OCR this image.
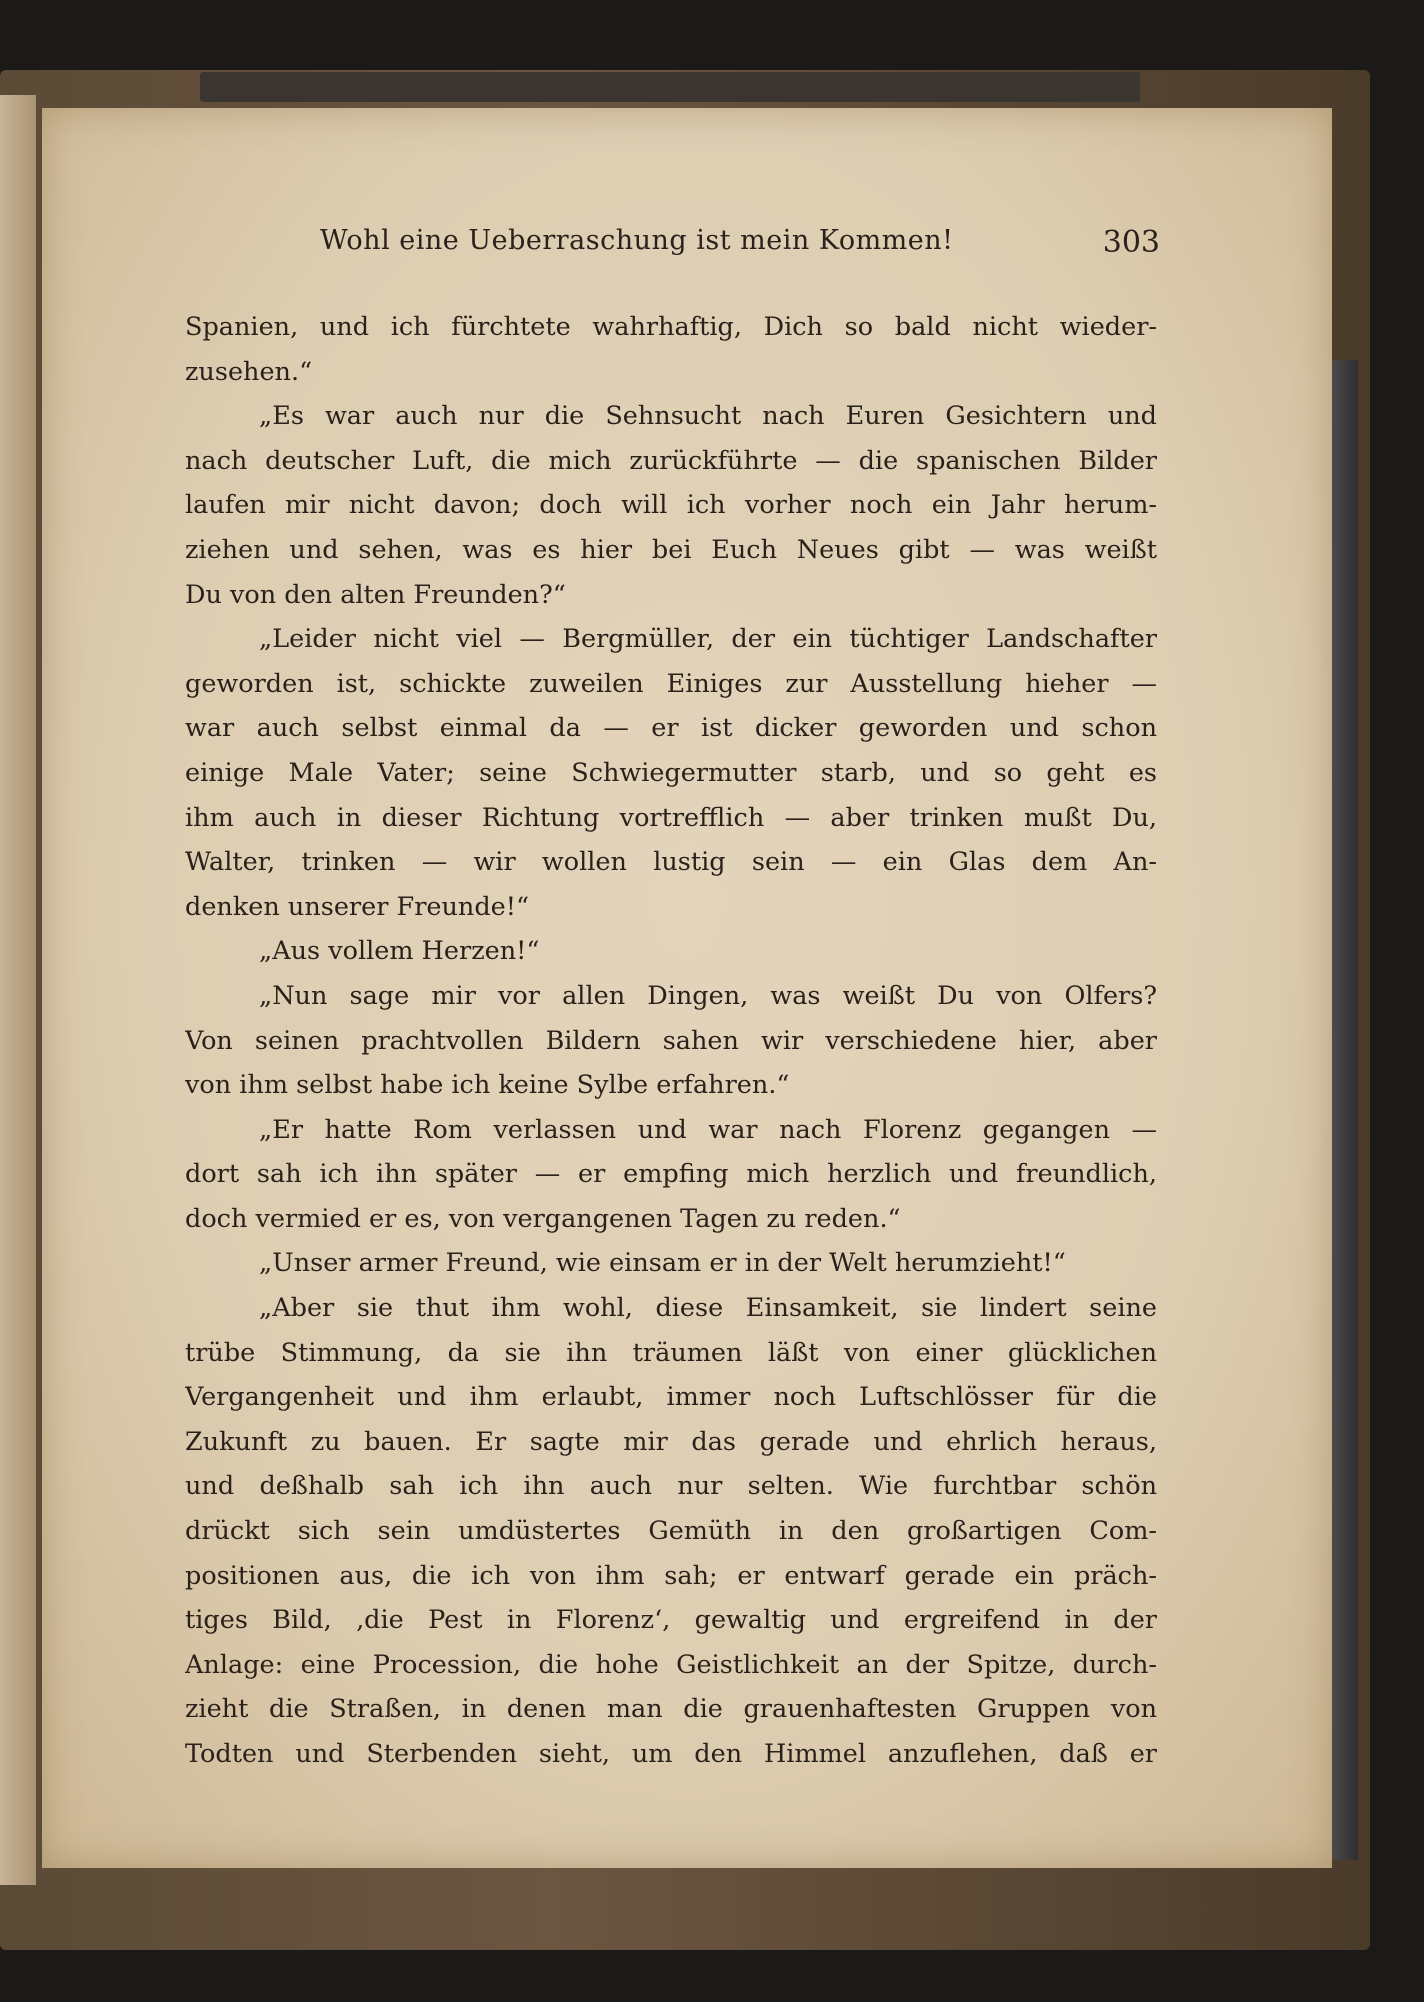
Wohl eine Ueberraschung ist mein Kommen!	303
Spanien, und ich fürchtete wahrhaftig, Dich so bald nicht wieder-
zusehen.“
„Es war auch nur die Sehnsucht nach Euren Gesichtern und
nach deutscher Luft, die mich zurückführte — die spanischen Bilder
laufen mir nicht davon; doch will ich vorher noch ein Jahr herum-
ziehen und sehen, was es hier bei Euch Neues gibt — was weißt
Du von den alten Freunden?“
„Leider nicht viel — Bergmüller, der ein tüchtiger Landschafter
geworden ist, schickte zuweilen Einiges zur Ausstellung hieher —
war auch selbst einmal da — er ist dicker geworden und schon
einige Male Vater; seine Schwiegermutter starb, und so geht es
ihm auch in dieser Richtung vortrefflich — aber trinken mußt Du,
Walter, trinken — wir wollen lustig sein — ein Glas dem An-
denken unserer Freunde!“
„Aus vollem Herzen!“
„Nun sage mir vor allen Dingen, was weißt Du von Olfers?
Von seinen prachtvollen Bildern sahen wir verschiedene hier, aber
von ihm selbst habe ich keine Sylbe erfahren.“
„Er hatte Rom verlassen und war nach Florenz gegangen —
dort sah ich ihn später — er empfing mich herzlich und freundlich,
doch vermied er es, von vergangenen Tagen zu reden.“
„Unser armer Freund, wie einsam er in der Welt herumzieht!“
„Aber sie thut ihm wohl, diese Einsamkeit, sie lindert seine
trübe Stimmung, da sie ihn träumen läßt von einer glücklichen
Vergangenheit und ihm erlaubt, immer noch Luftschlösser für die
Zukunft zu bauen. Er sagte mir das gerade und ehrlich heraus,
und deßhalb sah ich ihn auch nur selten. Wie furchtbar schön
drückt sich sein umdüstertes Gemüth in den großartigen Com-
positionen aus, die ich von ihm sah; er entwarf gerade ein präch-
tiges Bild, ‚die Pest in Florenz‘, gewaltig und ergreifend in der
Anlage: eine Procession, die hohe Geistlichkeit an der Spitze, durch-
zieht die Straßen, in denen man die grauenhaftesten Gruppen von
Todten und Sterbenden sieht, um den Himmel anzuflehen, daß er
